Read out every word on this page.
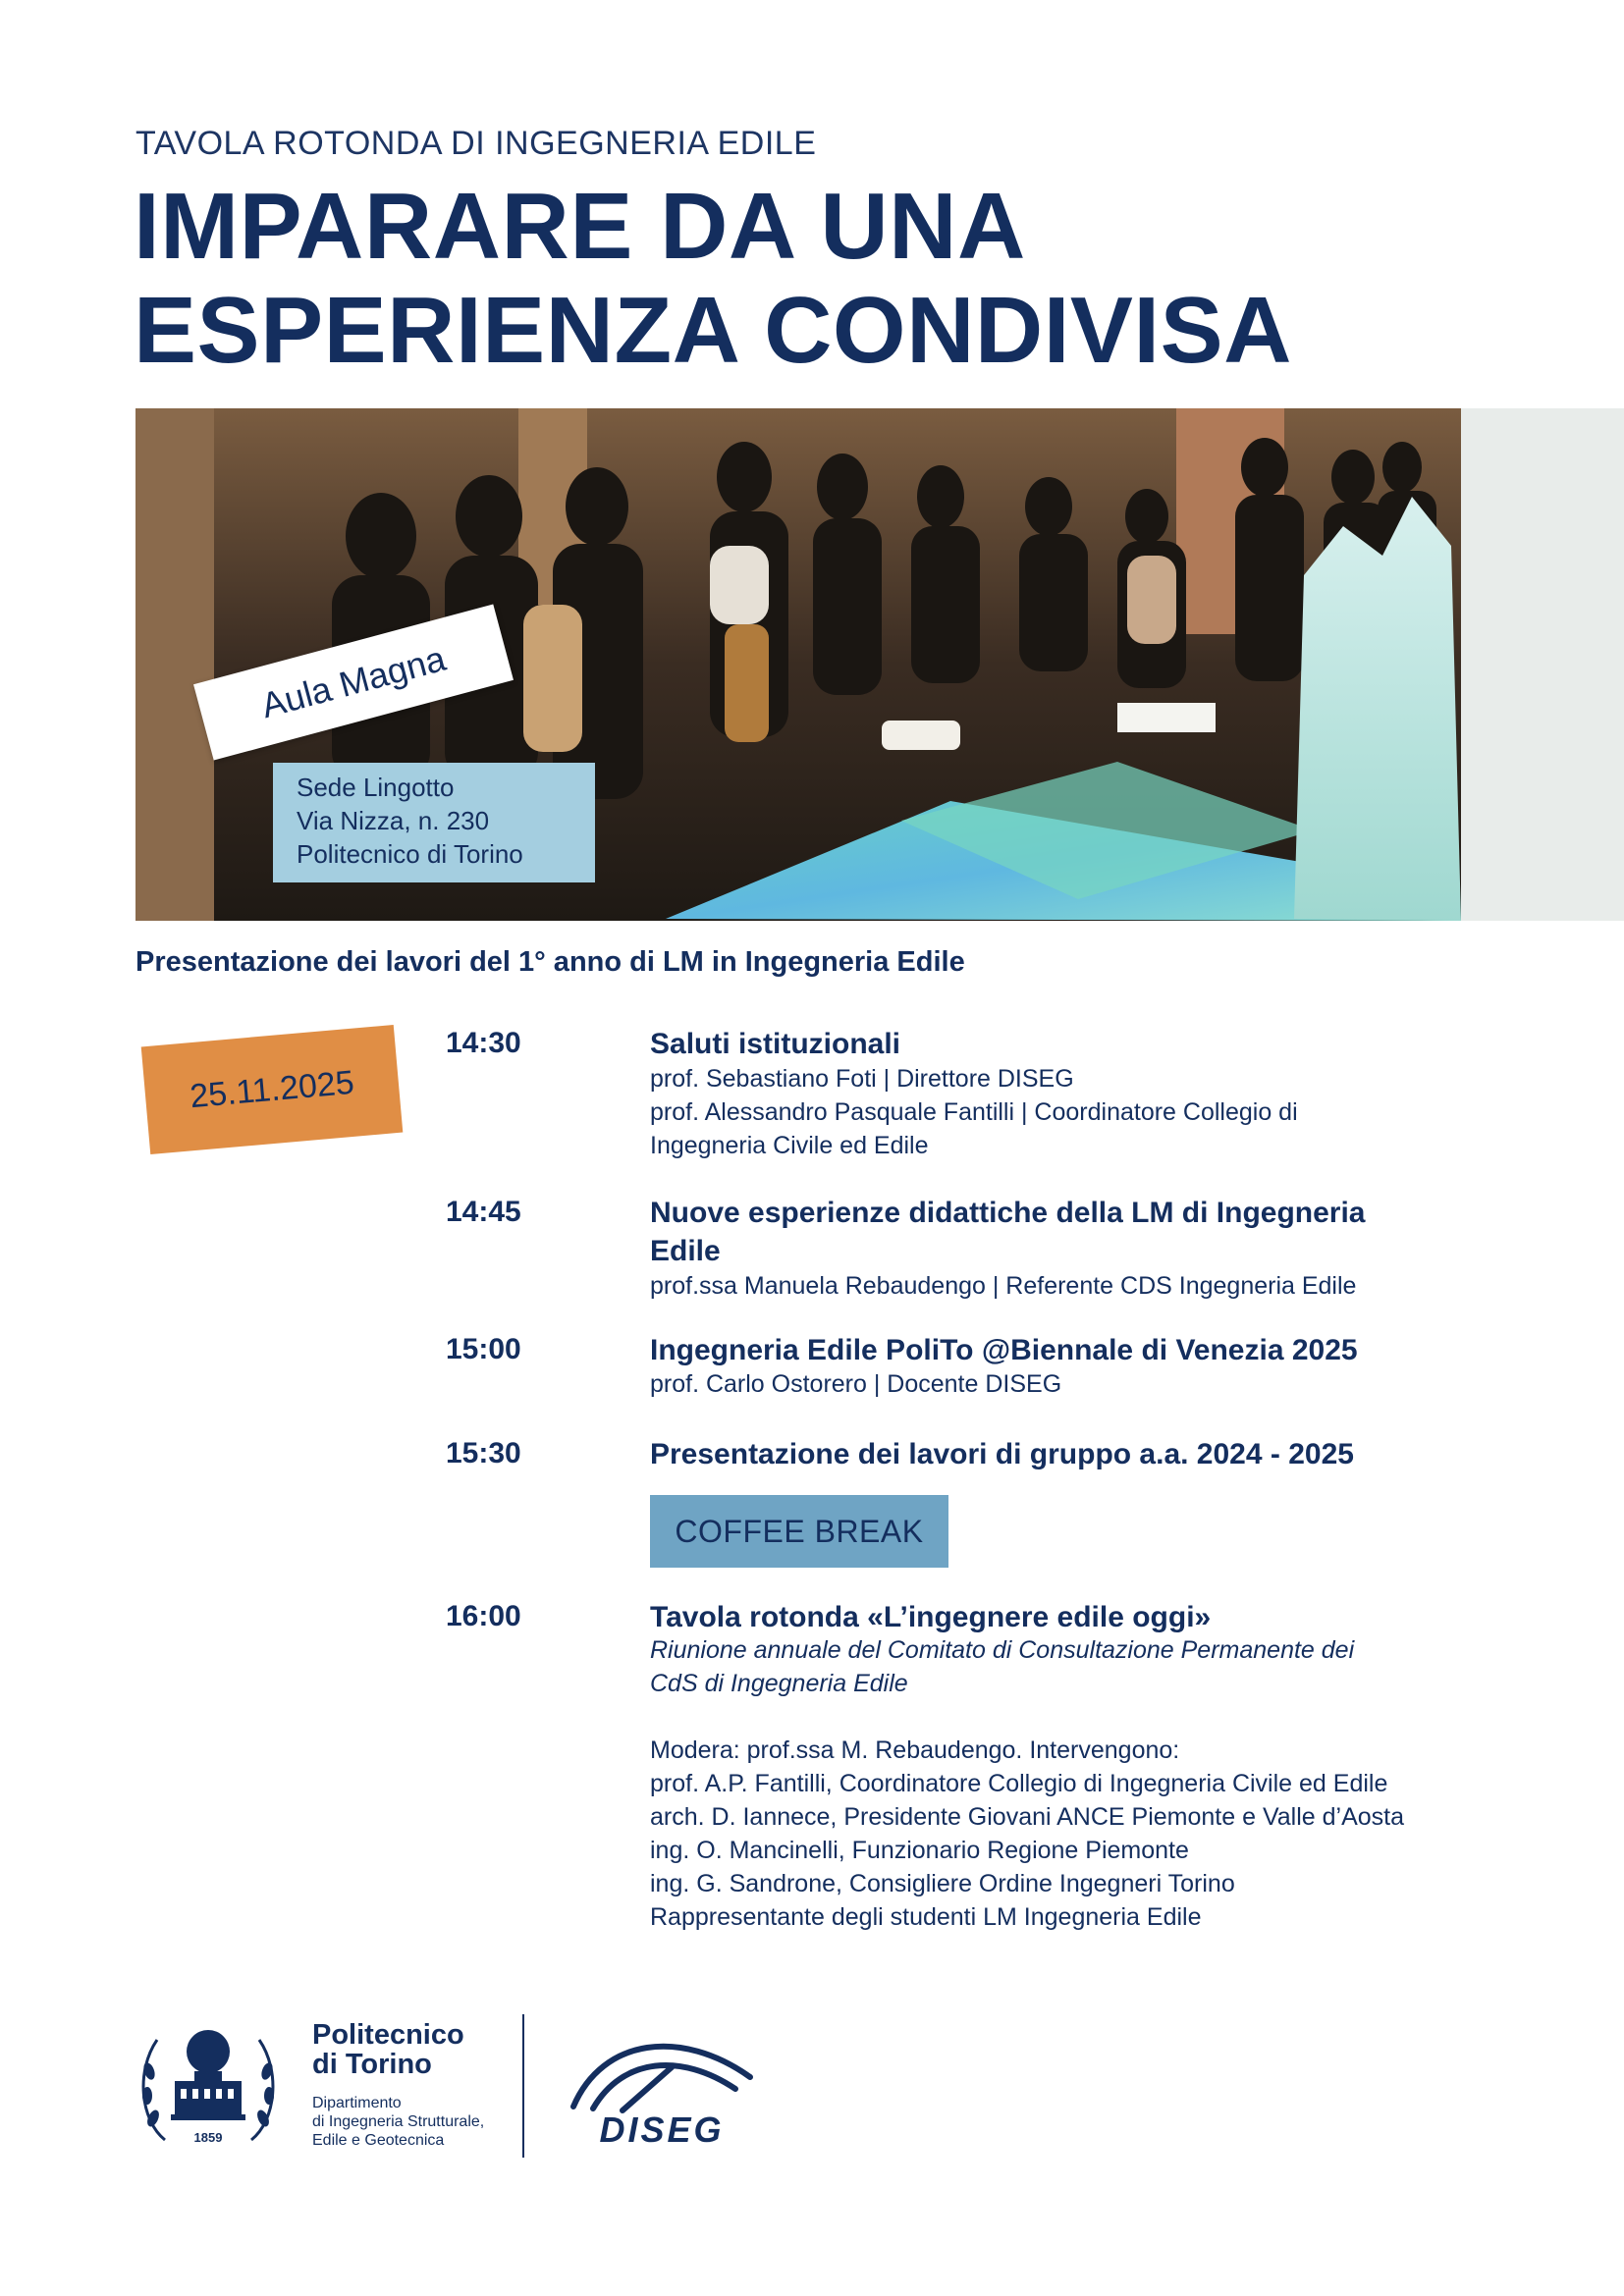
TAVOLA ROTONDA DI INGEGNERIA EDILE
IMPARARE DA UNA
ESPERIENZA CONDIVISA
Aula Magna
Sede Lingotto
Via Nizza, n. 230
Politecnico di Torino
Presentazione dei lavori del 1° anno di LM in Ingegneria Edile
25.11.2025
14:30	Saluti istituzionali
prof. Sebastiano Foti | Direttore DISEG
prof. Alessandro Pasquale Fantilli | Coordinatore Collegio di
Ingegneria Civile ed Edile
14:45	Nuove esperienze didattiche della LM di Ingegneria
Edile
prof.ssa Manuela Rebaudengo | Referente CDS Ingegneria Edile
15:00	Ingegneria Edile PoliTo @Biennale di Venezia 2025
prof. Carlo Ostorero | Docente DISEG
15:30	Presentazione dei lavori di gruppo a.a. 2024 - 2025
COFFEE BREAK
16:00	Tavola rotonda «L’ingegnere edile oggi»
Riunione annuale del Comitato di Consultazione Permanente dei
CdS di Ingegneria Edile
Modera: prof.ssa M. Rebaudengo. Intervengono:
prof. A.P. Fantilli, Coordinatore Collegio di Ingegneria Civile ed Edile
arch. D. Iannece, Presidente Giovani ANCE Piemonte e Valle d’Aosta
ing. O. Mancinelli, Funzionario Regione Piemonte
ing. G. Sandrone, Consigliere Ordine Ingegneri Torino
Rappresentante degli studenti LM Ingegneria Edile
1859
Politecnico
di Torino
Dipartimento
di Ingegneria Strutturale,
Edile e Geotecnica	DISEG
